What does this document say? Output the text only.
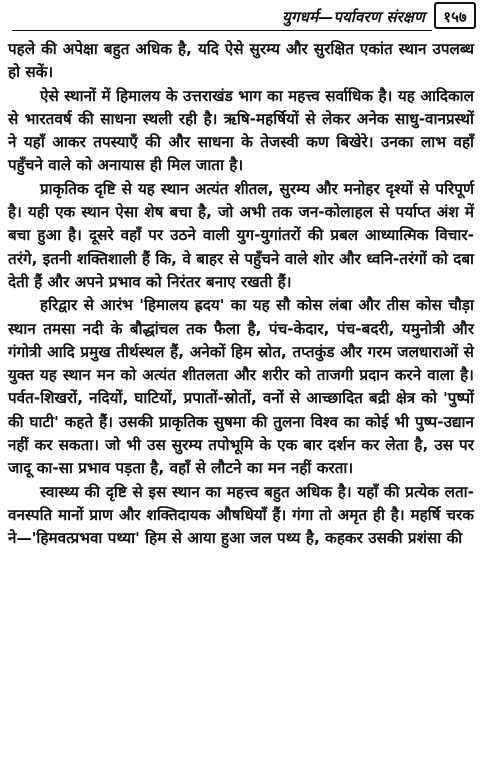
युगधर्म—पर्यावरण संरक्षण	१५७

पहले की अपेक्षा बहुत अधिक है, यदि ऐसे सुरम्य और सुरक्षित एकांत स्थान उपलब्ध हो सकें।

ऐसे स्थानों में हिमालय के उत्तराखंड भाग का महत्त्व सर्वाधिक है। यह आदिकाल से भारतवर्ष की साधना स्थली रही है। ऋषि-महर्षियों से लेकर अनेक साधु-वानप्रस्थों ने यहाँ आकर तपस्याएँ की और साधना के तेजस्वी कण बिखेरे। उनका लाभ वहाँ पहुँचने वाले को अनायास ही मिल जाता है।

प्राकृतिक दृष्टि से यह स्थान अत्यंत शीतल, सुरम्य और मनोहर दृश्यों से परिपूर्ण है। यही एक स्थान ऐसा शेष बचा है, जो अभी तक जन-कोलाहल से पर्याप्त अंश में बचा हुआ है। दूसरे वहाँ पर उठने वाली युग-युगांतरों की प्रबल आध्यात्मिक विचार-तरंगे, इतनी शक्तिशाली हैं कि, वे बाहर से पहुँचने वाले शोर और ध्वनि-तरंगों को दबा देती हैं और अपने प्रभाव को निरंतर बनाए रखती हैं।

हरिद्वार से आरंभ 'हिमालय ह्रदय' का यह सौ कोस लंबा और तीस कोस चौड़ा स्थान तमसा नदी के बौद्धांचल तक फैला है, पंच-केदार, पंच-बदरी, यमुनोत्री और गंगोत्री आदि प्रमुख तीर्थस्थल हैं, अनेकों हिम स्रोत, तप्तकुंड और गरम जलधाराओं से युक्त यह स्थान मन को अत्यंत शीतलता और शरीर को ताजगी प्रदान करने वाला है। पर्वत-शिखरों, नदियों, घाटियों, प्रपातों-स्रोतों, वनों से आच्छादित बद्री क्षेत्र को 'पुष्पों की घाटी' कहते हैं। उसकी प्राकृतिक सुषमा की तुलना विश्व का कोई भी पुष्प-उद्यान नहीं कर सकता। जो भी उस सुरम्य तपोभूमि के एक बार दर्शन कर लेता है, उस पर जादू का-सा प्रभाव पड़ता है, वहाँ से लौटने का मन नहीं करता।

स्वास्थ्य की दृष्टि से इस स्थान का महत्त्व बहुत अधिक है। यहाँ की प्रत्येक लता-वनस्पति मानों प्राण और शक्तिदायक औषधियाँ हैं। गंगा तो अमृत ही है। महर्षि चरक ने—'हिमवत्प्रभवा पथ्या' हिम से आया हुआ जल पथ्य है, कहकर उसकी प्रशंसा की
